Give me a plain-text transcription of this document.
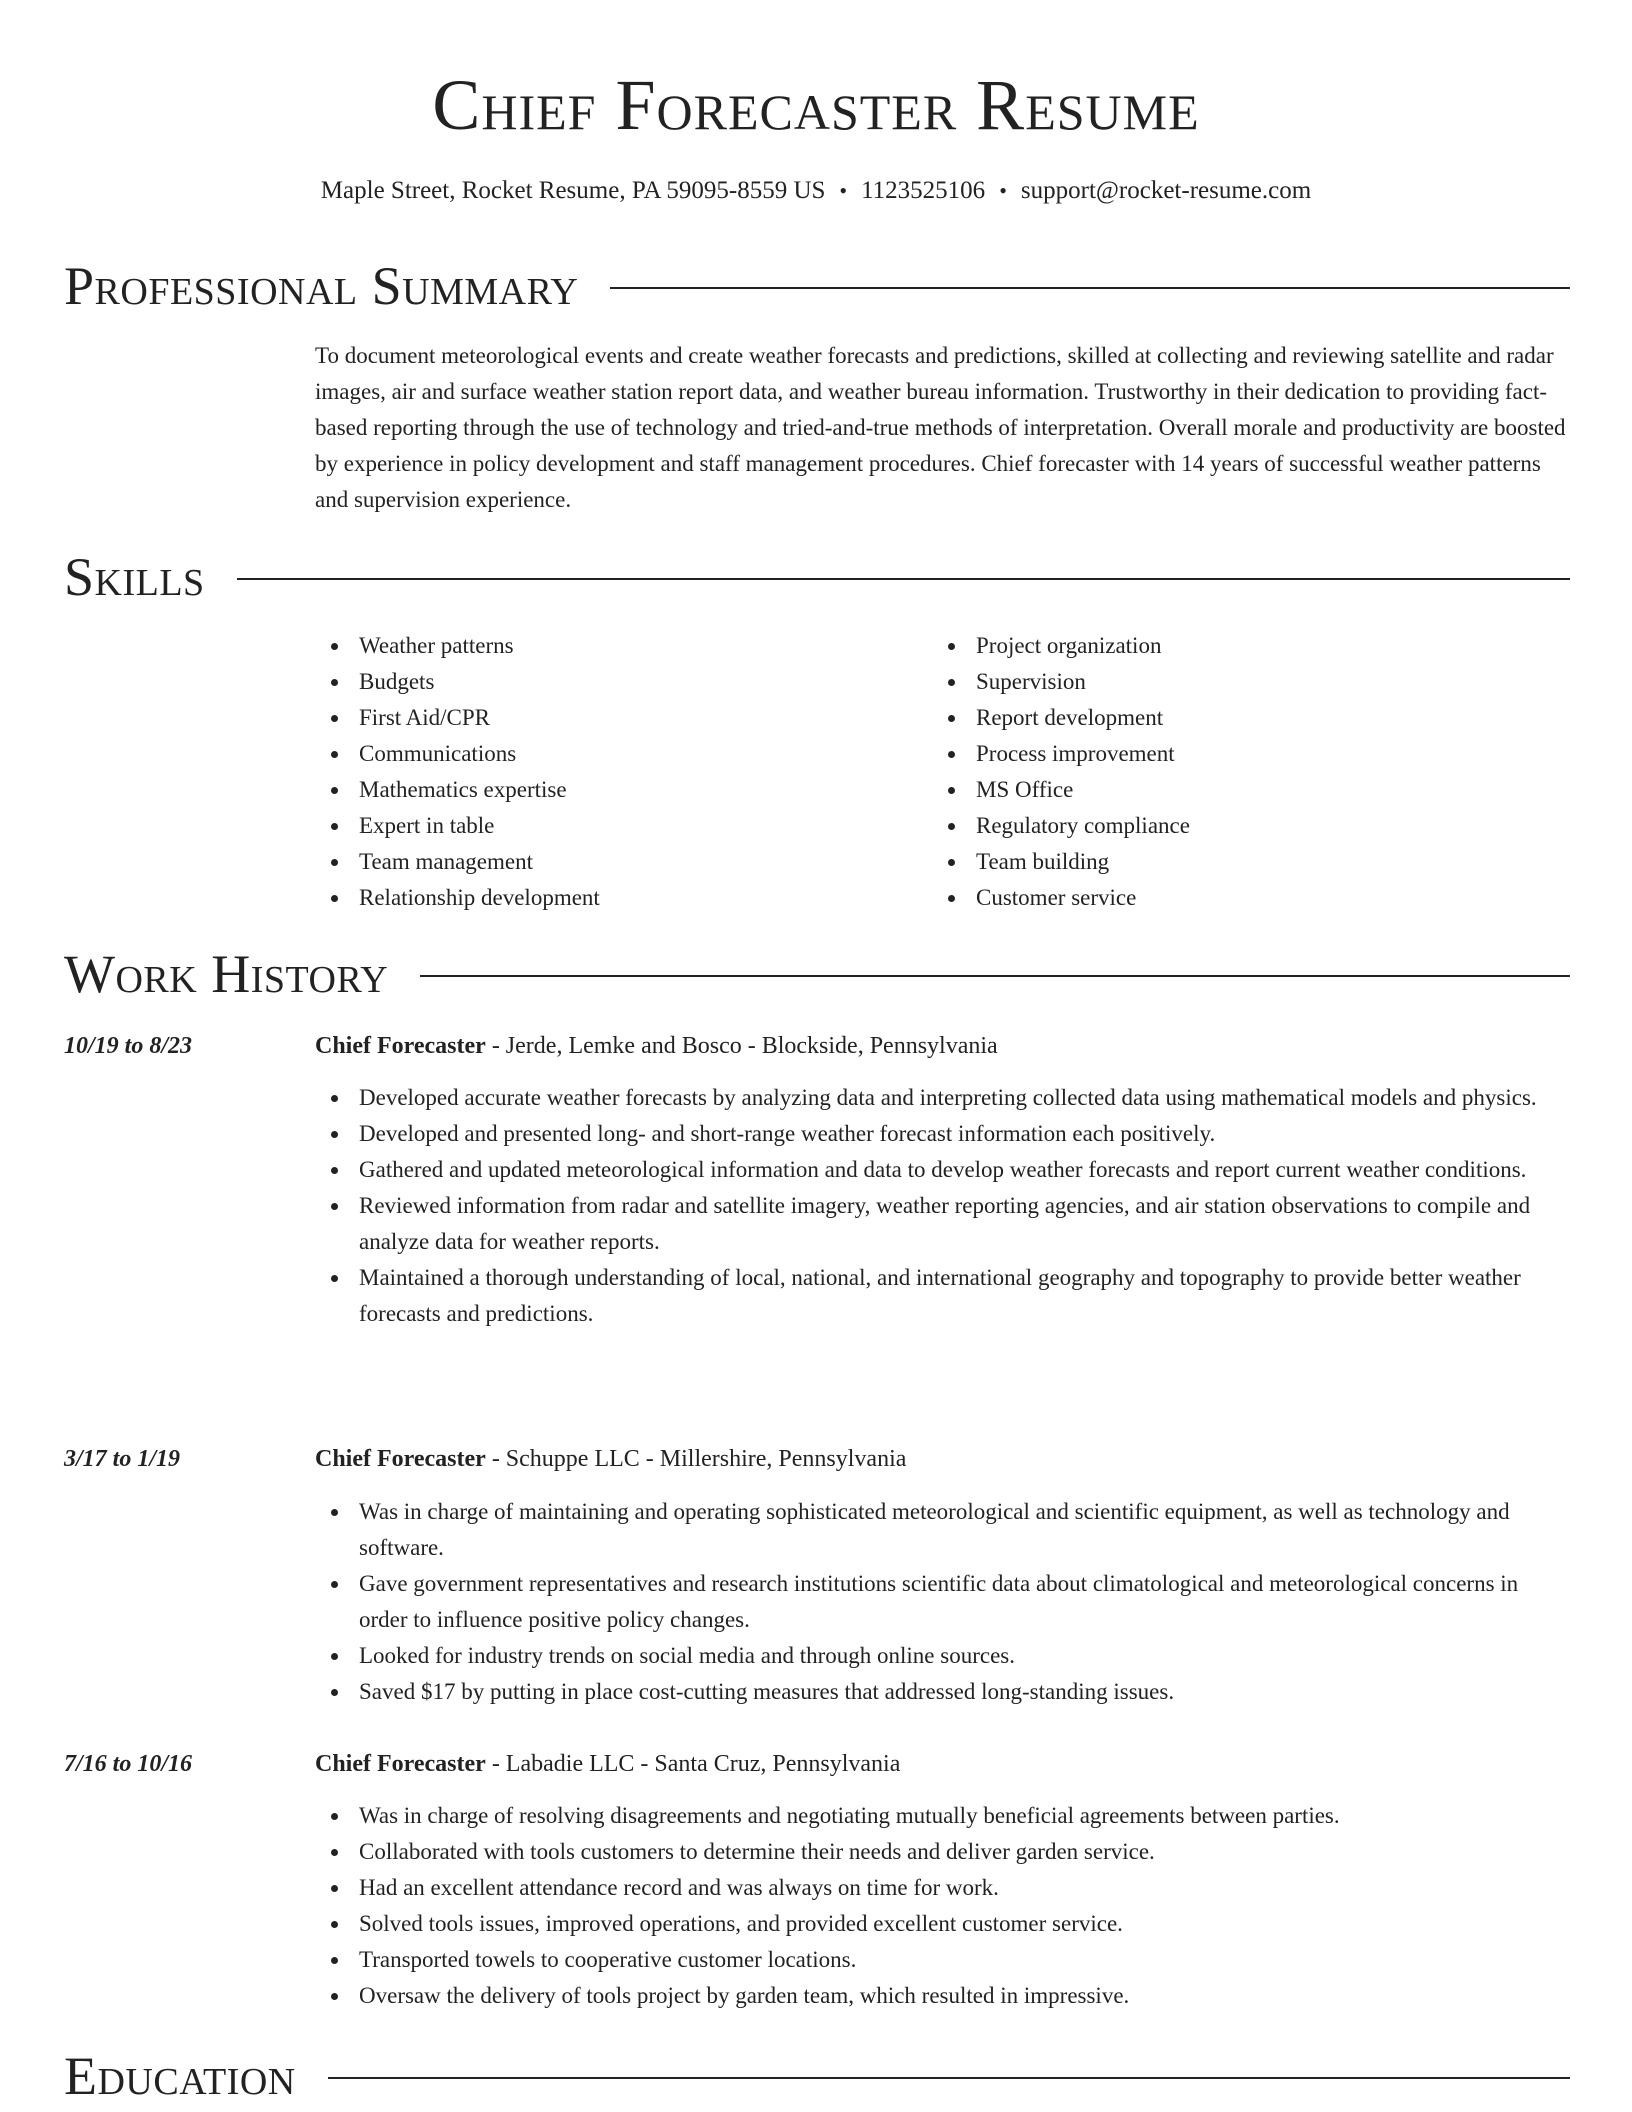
Chief Forecaster Resume
Maple Street, Rocket Resume, PA 59095-8559 US • 1123525106 • support@rocket-resume.com
Professional Summary

To document meteorological events and create weather forecasts and predictions, skilled at collecting and reviewing satellite and radar images, air and surface weather station report data, and weather bureau information. Trustworthy in their dedication to providing fact-based reporting through the use of technology and tried-and-true methods of interpretation. Overall morale and productivity are boosted by experience in policy development and staff management procedures. Chief forecaster with 14 years of successful weather patterns and supervision experience.

Skills
Weather patterns
Budgets
First Aid/CPR
Communications
Mathematics expertise
Expert in table
Team management
Relationship development
Project organization
Supervision
Report development
Process improvement
MS Office
Regulatory compliance
Team building
Customer service
Work History
10/19 to 8/23	Chief Forecaster - Jerde, Lemke and Bosco - Blockside, Pennsylvania
Developed accurate weather forecasts by analyzing data and interpreting collected data using mathematical models and physics.
Developed and presented long- and short-range weather forecast information each positively.
Gathered and updated meteorological information and data to develop weather forecasts and report current weather conditions.
Reviewed information from radar and satellite imagery, weather reporting agencies, and air station observations to compile and analyze data for weather reports.
Maintained a thorough understanding of local, national, and international geography and topography to provide better weather forecasts and predictions.
3/17 to 1/19	Chief Forecaster - Schuppe LLC - Millershire, Pennsylvania
Was in charge of maintaining and operating sophisticated meteorological and scientific equipment, as well as technology and software.
Gave government representatives and research institutions scientific data about climatological and meteorological concerns in order to influence positive policy changes.
Looked for industry trends on social media and through online sources.
Saved $17 by putting in place cost-cutting measures that addressed long-standing issues.
7/16 to 10/16	Chief Forecaster - Labadie LLC - Santa Cruz, Pennsylvania
Was in charge of resolving disagreements and negotiating mutually beneficial agreements between parties.
Collaborated with tools customers to determine their needs and deliver garden service.
Had an excellent attendance record and was always on time for work.
Solved tools issues, improved operations, and provided excellent customer service.
Transported towels to cooperative customer locations.
Oversaw the delivery of tools project by garden team, which resulted in impressive.
Education
